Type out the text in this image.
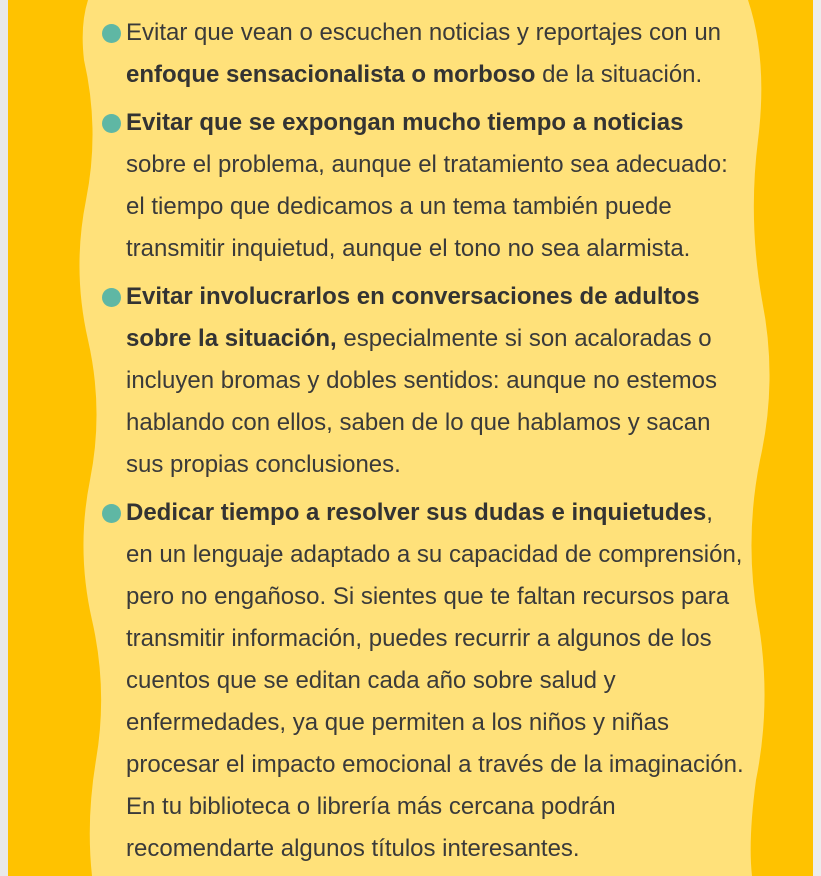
Evitar que vean o escuchen noticias y reportajes con un enfoque sensacionalista o morboso de la situación.
Evitar que se expongan mucho tiempo a noticias sobre el problema, aunque el tratamiento sea adecuado: el tiempo que dedicamos a un tema también puede transmitir inquietud, aunque el tono no sea alarmista.
Evitar involucrarlos en conversaciones de adultos sobre la situación, especialmente si son acaloradas o incluyen bromas y dobles sentidos: aunque no estemos hablando con ellos, saben de lo que hablamos y sacan sus propias conclusiones.
Dedicar tiempo a resolver sus dudas e inquietudes, en un lenguaje adaptado a su capacidad de comprensión, pero no engañoso. Si sientes que te faltan recursos para transmitir información, puedes recurrir a algunos de los cuentos que se editan cada año sobre salud y enfermedades, ya que permiten a los niños y niñas procesar el impacto emocional a través de la imaginación. En tu biblioteca o librería más cercana podrán recomendarte algunos títulos interesantes.
